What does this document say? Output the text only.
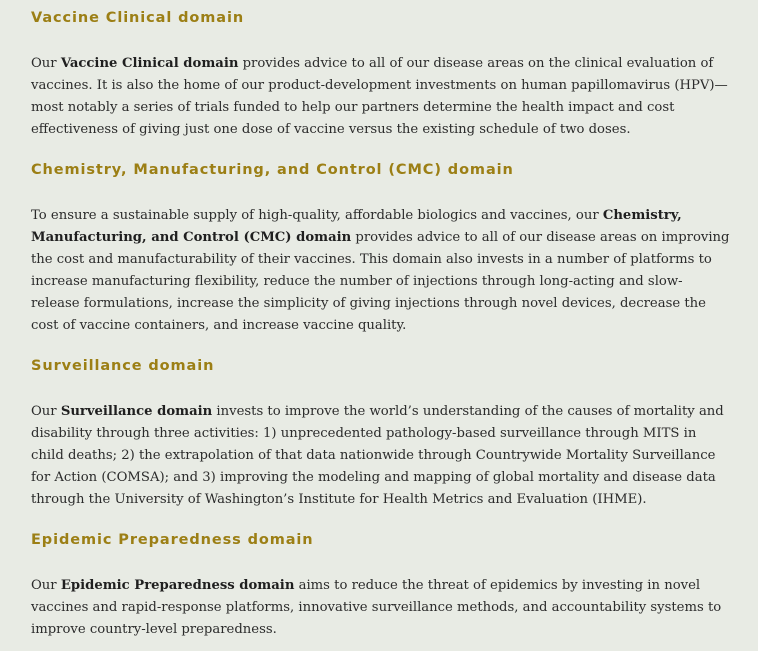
Vaccine Clinical domain

Our Vaccine Clinical domain provides advice to all of our disease areas on the clinical evaluation of vaccines. It is also the home of our product-development investments on human papillomavirus (HPV)—most notably a series of trials funded to help our partners determine the health impact and cost effectiveness of giving just one dose of vaccine versus the existing schedule of two doses.

Chemistry, Manufacturing, and Control (CMC) domain

To ensure a sustainable supply of high-quality, affordable biologics and vaccines, our Chemistry, Manufacturing, and Control (CMC) domain provides advice to all of our disease areas on improving the cost and manufacturability of their vaccines. This domain also invests in a number of platforms to increase manufacturing flexibility, reduce the number of injections through long-acting and slow-release formulations, increase the simplicity of giving injections through novel devices, decrease the cost of vaccine containers, and increase vaccine quality.

Surveillance domain

Our Surveillance domain invests to improve the world’s understanding of the causes of mortality and disability through three activities: 1) unprecedented pathology-based surveillance through MITS in child deaths; 2) the extrapolation of that data nationwide through Countrywide Mortality Surveillance for Action (COMSA); and 3) improving the modeling and mapping of global mortality and disease data through the University of Washington’s Institute for Health Metrics and Evaluation (IHME).

Epidemic Preparedness domain

Our Epidemic Preparedness domain aims to reduce the threat of epidemics by investing in novel vaccines and rapid-response platforms, innovative surveillance methods, and accountability systems to improve country-level preparedness.
